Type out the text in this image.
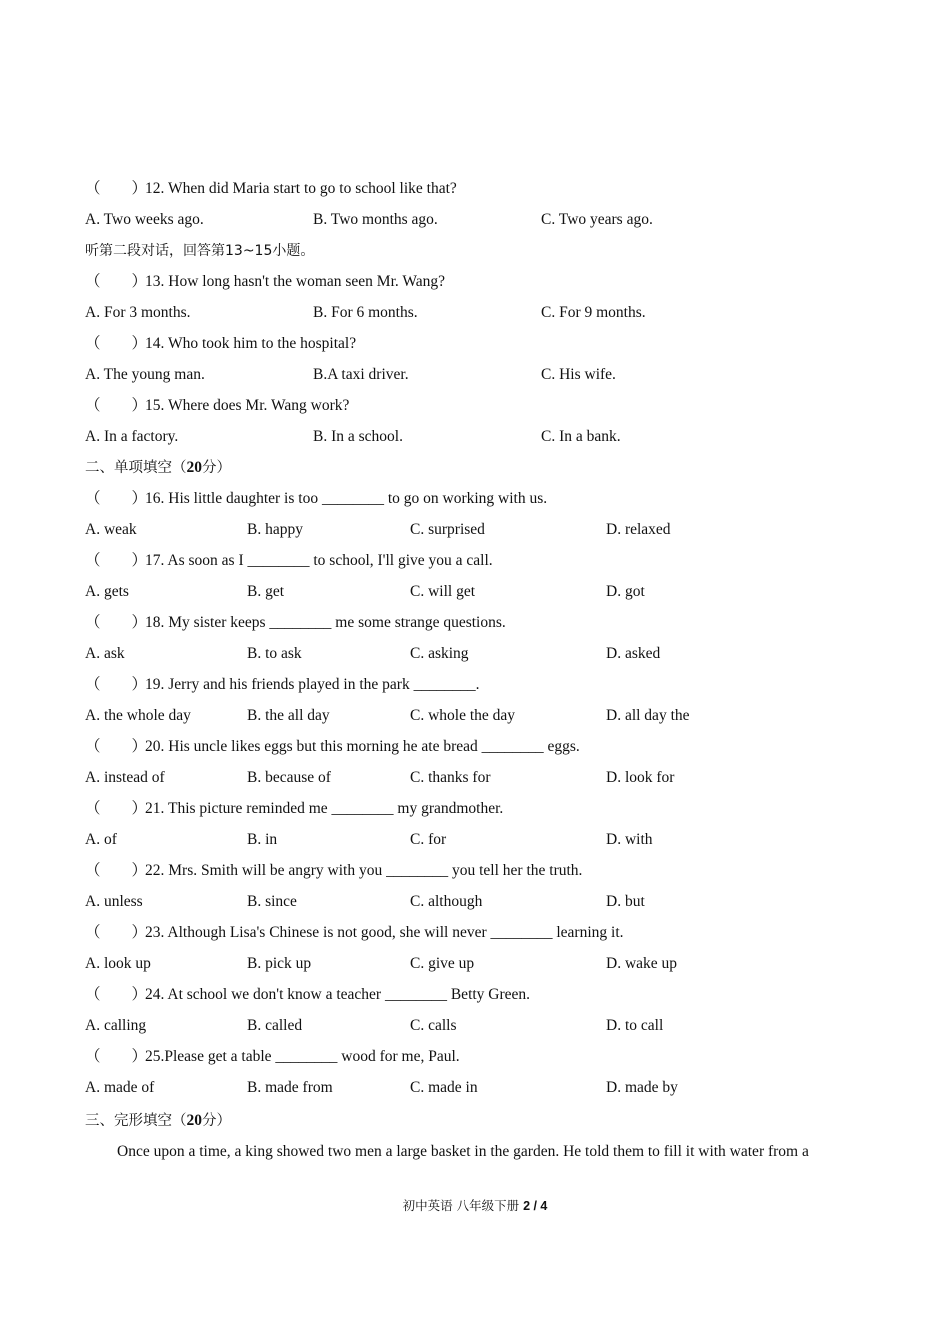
（　　）12. When did Maria start to go to school like that?
A. Two weeks ago.	B. Two months ago.	C. Two years ago.
听第二段对话，回答第13~15小题。
（　　）13. How long hasn't the woman seen Mr. Wang?
A. For 3 months.	B. For 6 months.	C. For 9 months.
（　　）14. Who took him to the hospital?
A. The young man.	B.A taxi driver.	C. His wife.
（　　）15. Where does Mr. Wang work?
A. In a factory.	B. In a school.	C. In a bank.
二、单项填空（20分）
（　　）16. His little daughter is too ________ to go on working with us.
A. weak	B. happy	C. surprised	D. relaxed
（　　）17. As soon as I ________ to school, I'll give you a call.
A. gets	B. get	C. will get	D. got
（　　）18. My sister keeps ________ me some strange questions.
A. ask	B. to ask	C. asking	D. asked
（　　）19. Jerry and his friends played in the park ________.
A. the whole day	B. the all day	C. whole the day	D. all day the
（　　）20. His uncle likes eggs but this morning he ate bread ________ eggs.
A. instead of	B. because of	C. thanks for	D. look for
（　　）21. This picture reminded me ________ my grandmother.
A. of	B. in	C. for	D. with
（　　）22. Mrs. Smith will be angry with you ________ you tell her the truth.
A. unless	B. since	C. although	D. but
（　　）23. Although Lisa's Chinese is not good, she will never ________ learning it.
A. look up	B. pick up	C. give up	D. wake up
（　　）24. At school we don't know a teacher ________ Betty Green.
A. calling	B. called	C. calls	D. to call
（　　）25.Please get a table ________ wood for me, Paul.
A. made of	B. made from	C. made in	D. made by
三、完形填空（20分）
Once upon a time, a king showed two men a large basket in the garden. He told them to fill it with water from a
初中英语 八年级下册 2 / 4
